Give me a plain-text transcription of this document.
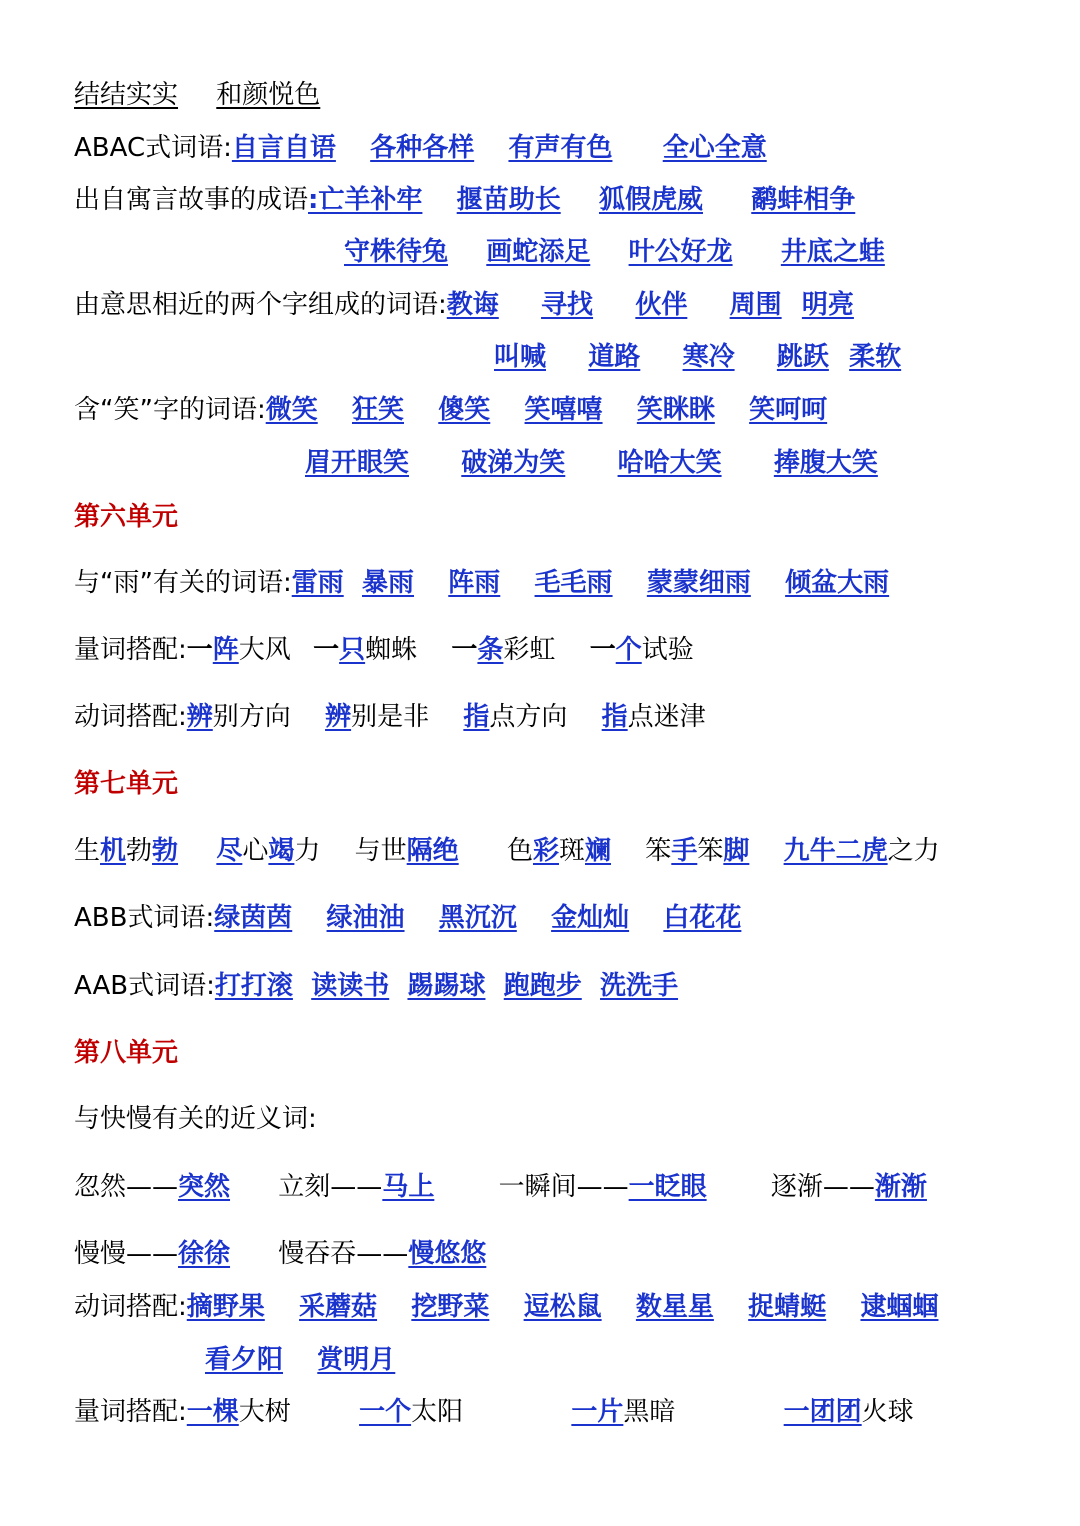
结结实实 和颜悦色
ABAC式词语:自言自语 各种各样 有声有色 全心全意
出自寓言故事的成语:亡羊补牢 揠苗助长 狐假虎威 鹬蚌相争
守株待兔 画蛇添足 叶公好龙 井底之蛙
由意思相近的两个字组成的词语:教诲 寻找 伙伴 周围 明亮
叫喊 道路 寒冷 跳跃 柔软
含“笑”字的词语:微笑 狂笑 傻笑 笑嘻嘻 笑眯眯 笑呵呵
眉开眼笑 破涕为笑 哈哈大笑 捧腹大笑
第六单元
与“雨”有关的词语:雷雨 暴雨 阵雨 毛毛雨 蒙蒙细雨 倾盆大雨
量词搭配:一阵大风 一只蜘蛛 一条彩虹 一个试验
动词搭配:辨别方向 辨别是非 指点方向 指点迷津
第七单元
生机勃勃 尽心竭力 与世隔绝 色彩斑斓 笨手笨脚 九牛二虎之力
ABB式词语:绿茵茵 绿油油 黑沉沉 金灿灿 白花花
AAB式词语:打打滚 读读书 踢踢球 跑跑步 洗洗手
第八单元
与快慢有关的近义词:
忽然——突然 立刻——马上 一瞬间——一眨眼 逐渐——渐渐
慢慢——徐徐 慢吞吞——慢悠悠
动词搭配:摘野果 采蘑菇 挖野菜 逗松鼠 数星星 捉蜻蜓 逮蝈蝈
看夕阳 赏明月
量词搭配:一棵大树	一个太阳	一片黑暗	一团团火球
